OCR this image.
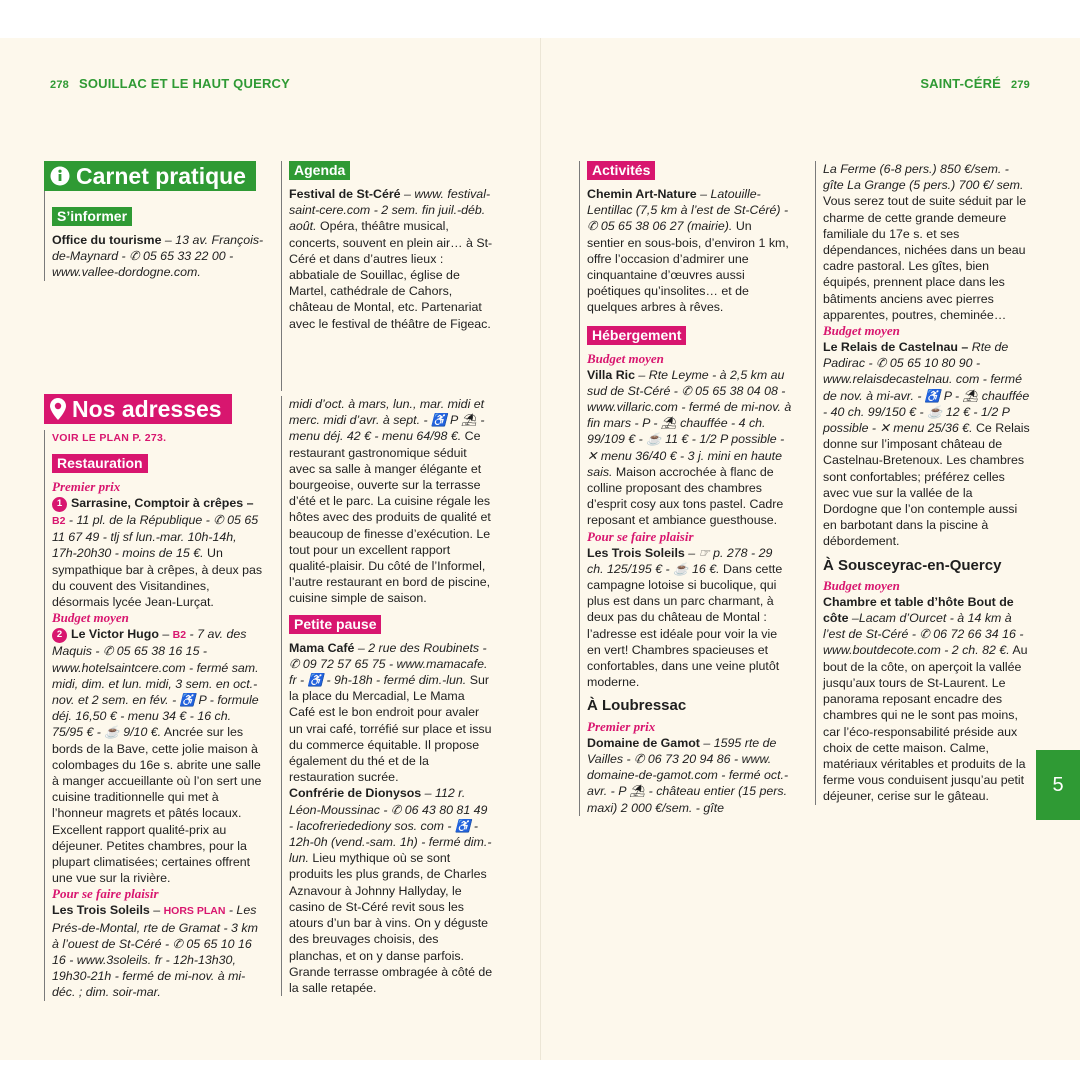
278 SOUILLAC ET LE HAUT QUERCY	SAINT-CÉRÉ 279
Carnet pratique
S’informer

Office du tourisme – 13 av. François-de-Maynard - ✆ 05 65 33 22 00 - www.vallee-dordogne.com.

Nos adresses
VOIR LE PLAN P. 273.
Restauration
Premier prix

1 Sarrasine, Comptoir à crêpes – B2 - 11 pl. de la République - ✆ 05 65 11 67 49 - tlj sf lun.-mar. 10h-14h, 17h-20h30 - moins de 15 €. Un sympathique bar à crêpes, à deux pas du couvent des Visitandines, désormais lycée Jean-Lurçat.

Budget moyen

2 Le Victor Hugo – B2 - 7 av. des Maquis - ✆ 05 65 38 16 15 - www.hotelsaintcere.com - fermé sam. midi, dim. et lun. midi, 3 sem. en oct.-nov. et 2 sem. en fév. - ♿ P - formule déj. 16,50 € - menu 34 € - 16 ch. 75/95 € - ☕ 9/10 €. Ancrée sur les bords de la Bave, cette jolie maison à colombages du 16e s. abrite une salle à manger accueillante où l’on sert une cuisine traditionnelle qui met à l’honneur magrets et pâtés locaux. Excellent rapport qualité-prix au déjeuner. Petites chambres, pour la plupart climatisées; certaines offrent une vue sur la rivière.

Pour se faire plaisir

Les Trois Soleils – HORS PLAN - Les Prés-de-Montal, rte de Gramat - 3 km à l’ouest de St-Céré - ✆ 05 65 10 16 16 - www.3soleils. fr - 12h-13h30, 19h30-21h - fermé de mi-nov. à mi-déc. ; dim. soir-mar.

Agenda

Festival de St-Céré – www. festival-saint-cere.com - 2 sem. fin juil.-déb. août. Opéra, théâtre musical, concerts, souvent en plein air… à St-Céré et dans d’autres lieux : abbatiale de Souillac, église de Martel, cathédrale de Cahors, château de Montal, etc. Partenariat avec le festival de théâtre de Figeac.

midi d’oct. à mars, lun., mar. midi et merc. midi d’avr. à sept. - ♿ P ⛱ - menu déj. 42 € - menu 64/98 €. Ce restaurant gastronomique séduit avec sa salle à manger élégante et bourgeoise, ouverte sur la terrasse d’été et le parc. La cuisine régale les hôtes avec des produits de qualité et beaucoup de finesse d’exécution. Le tout pour un excellent rapport qualité-plaisir. Du côté de l’Informel, l’autre restaurant en bord de piscine, cuisine simple de saison.

Petite pause

Mama Café – 2 rue des Roubinets - ✆ 09 72 57 65 75 - www.mamacafe. fr - ♿ - 9h-18h - fermé dim.-lun. Sur la place du Mercadial, Le Mama Café est le bon endroit pour avaler un vrai café, torréfié sur place et issu du commerce équitable. Il propose également du thé et de la restauration sucrée.

Confrérie de Dionysos – 112 r. Léon-Moussinac - ✆ 06 43 80 81 49 - lacofreriedediony sos. com - ♿ - 12h-0h (vend.-sam. 1h) - fermé dim.-lun. Lieu mythique où se sont produits les plus grands, de Charles Aznavour à Johnny Hallyday, le casino de St-Céré revit sous les atours d’un bar à vins. On y déguste des breuvages choisis, des planchas, et on y danse parfois. Grande terrasse ombragée à côté de la salle retapée.

Activités

Chemin Art-Nature – Latouille-Lentillac (7,5 km à l’est de St-Céré) - ✆ 05 65 38 06 27 (mairie). Un sentier en sous-bois, d’environ 1 km, offre l’occasion d’admirer une cinquantaine d’œuvres aussi poétiques qu’insolites… et de quelques arbres à rêves.

Hébergement
Budget moyen

Villa Ric – Rte Leyme - à 2,5 km au sud de St-Céré - ✆ 05 65 38 04 08 - www.villaric.com - fermé de mi-nov. à fin mars - P - ⛱ chauffée - 4 ch. 99/109 € - ☕ 11 € - 1/2 P possible - ✕ menu 36/40 € - 3 j. mini en haute sais. Maison accrochée à flanc de colline proposant des chambres d’esprit cosy aux tons pastel. Cadre reposant et ambiance guesthouse.

Pour se faire plaisir

Les Trois Soleils – ☞ p. 278 - 29 ch. 125/195 € - ☕ 16 €. Dans cette campagne lotoise si bucolique, qui plus est dans un parc charmant, à deux pas du château de Montal : l’adresse est idéale pour voir la vie en vert! Chambres spacieuses et confortables, dans une veine plutôt moderne.

À Loubressac
Premier prix

Domaine de Gamot – 1595 rte de Vailles - ✆ 06 73 20 94 86 - www. domaine-de-gamot.com - fermé oct.-avr. - P ⛱ - château entier (15 pers. maxi) 2 000 €/sem. - gîte

La Ferme (6-8 pers.) 850 €/sem. - gîte La Grange (5 pers.) 700 €/ sem. Vous serez tout de suite séduit par le charme de cette grande demeure familiale du 17e s. et ses dépendances, nichées dans un beau cadre pastoral. Les gîtes, bien équipés, prennent place dans les bâtiments anciens avec pierres apparentes, poutres, cheminée…

Budget moyen

Le Relais de Castelnau – Rte de Padirac - ✆ 05 65 10 80 90 - www.relaisdecastelnau. com - fermé de nov. à mi-avr. - ♿ P - ⛱ chauffée - 40 ch. 99/150 € - ☕ 12 € - 1/2 P possible - ✕ menu 25/36 €. Ce Relais donne sur l’imposant château de Castelnau-Bretenoux. Les chambres sont confortables; préférez celles avec vue sur la vallée de la Dordogne que l’on contemple aussi en barbotant dans la piscine à débordement.

À Sousceyrac-en-Quercy
Budget moyen

Chambre et table d’hôte Bout de côte –Lacam d’Ourcet - à 14 km à l’est de St-Céré - ✆ 06 72 66 34 16 - www.boutdecote.com - 2 ch. 82 €. Au bout de la côte, on aperçoit la vallée jusqu’aux tours de St-Laurent. Le panorama reposant encadre des chambres qui ne le sont pas moins, car l’éco-responsabilité préside aux choix de cette maison. Calme, matériaux véritables et produits de la ferme vous conduisent jusqu’au petit déjeuner, cerise sur le gâteau.

5
